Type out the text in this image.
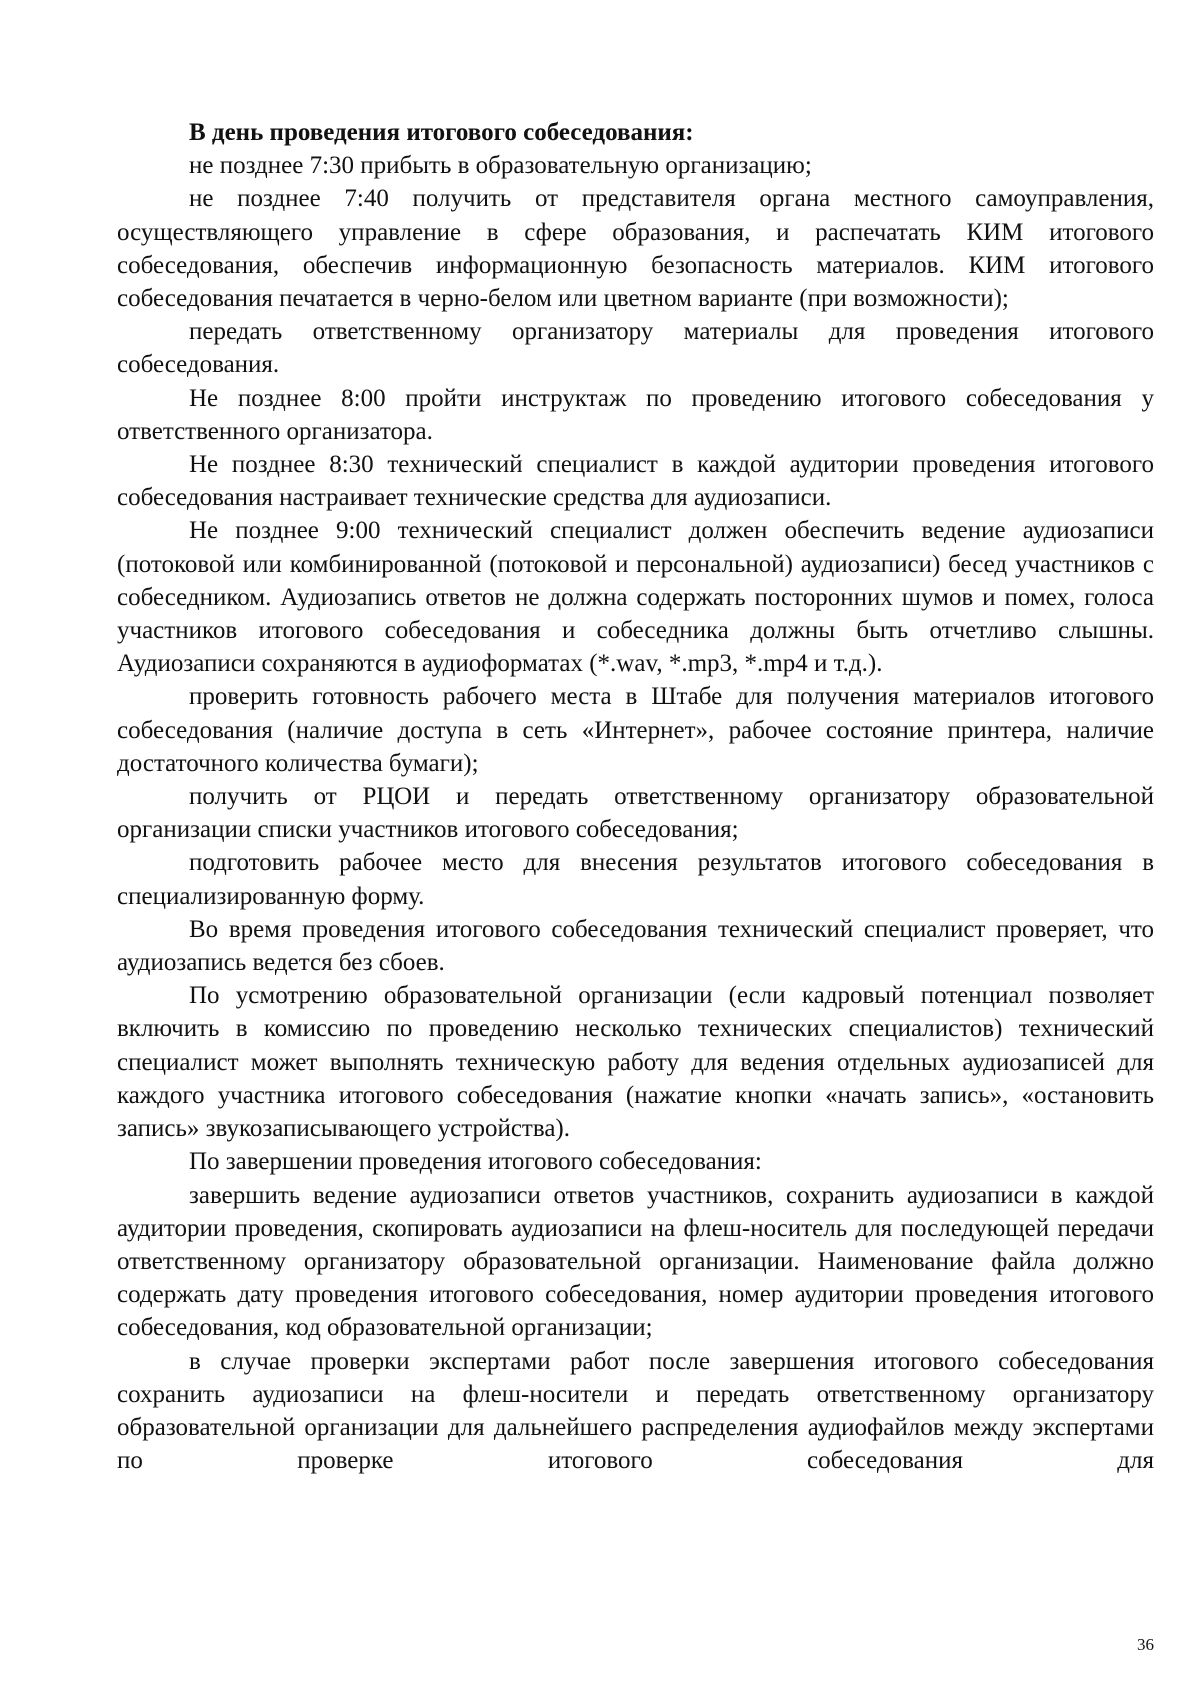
В день проведения итогового собеседования:

не позднее 7:30 прибыть в образовательную организацию;

не позднее 7:40 получить от представителя органа местного самоуправления, осуществляющего управление в сфере образования, и распечатать КИМ итогового собеседования, обеспечив информационную безопасность материалов. КИМ итогового собеседования печатается в черно-белом или цветном варианте (при возможности);

передать ответственному организатору материалы для проведения итогового собеседования.

Не позднее 8:00 пройти инструктаж по проведению итогового собеседования у ответственного организатора.

Не позднее 8:30 технический специалист в каждой аудитории проведения итогового собеседования настраивает технические средства для аудиозаписи.

Не позднее 9:00 технический специалист должен обеспечить ведение аудиозаписи (потоковой или комбинированной (потоковой и персональной) аудиозаписи) бесед участников с собеседником. Аудиозапись ответов не должна содержать посторонних шумов и помех, голоса участников итогового собеседования и собеседника должны быть отчетливо слышны. Аудиозаписи сохраняются в аудиоформатах (*.wav, *.mp3, *.mp4 и т.д.).

проверить готовность рабочего места в Штабе для получения материалов итогового собеседования (наличие доступа в сеть «Интернет», рабочее состояние принтера, наличие достаточного количества бумаги);

получить от РЦОИ и передать ответственному организатору образовательной организации списки участников итогового собеседования;

подготовить рабочее место для внесения результатов итогового собеседования в специализированную форму.

Во время проведения итогового собеседования технический специалист проверяет, что аудиозапись ведется без сбоев.

По усмотрению образовательной организации (если кадровый потенциал позволяет включить в комиссию по проведению несколько технических специалистов) технический специалист может выполнять техническую работу для ведения отдельных аудиозаписей для каждого участника итогового собеседования (нажатие кнопки «начать запись», «остановить запись» звукозаписывающего устройства).

По завершении проведения итогового собеседования:

завершить ведение аудиозаписи ответов участников, сохранить аудиозаписи в каждой аудитории проведения, скопировать аудиозаписи на флеш-носитель для последующей передачи ответственному организатору образовательной организации. Наименование файла должно содержать дату проведения итогового собеседования, номер аудитории проведения итогового собеседования, код образовательной организации;

в случае проверки экспертами работ после завершения итогового собеседования сохранить аудиозаписи на флеш-носители и передать ответственному организатору образовательной организации для дальнейшего распределения аудиофайлов между экспертами по проверке итогового собеседования для

36
